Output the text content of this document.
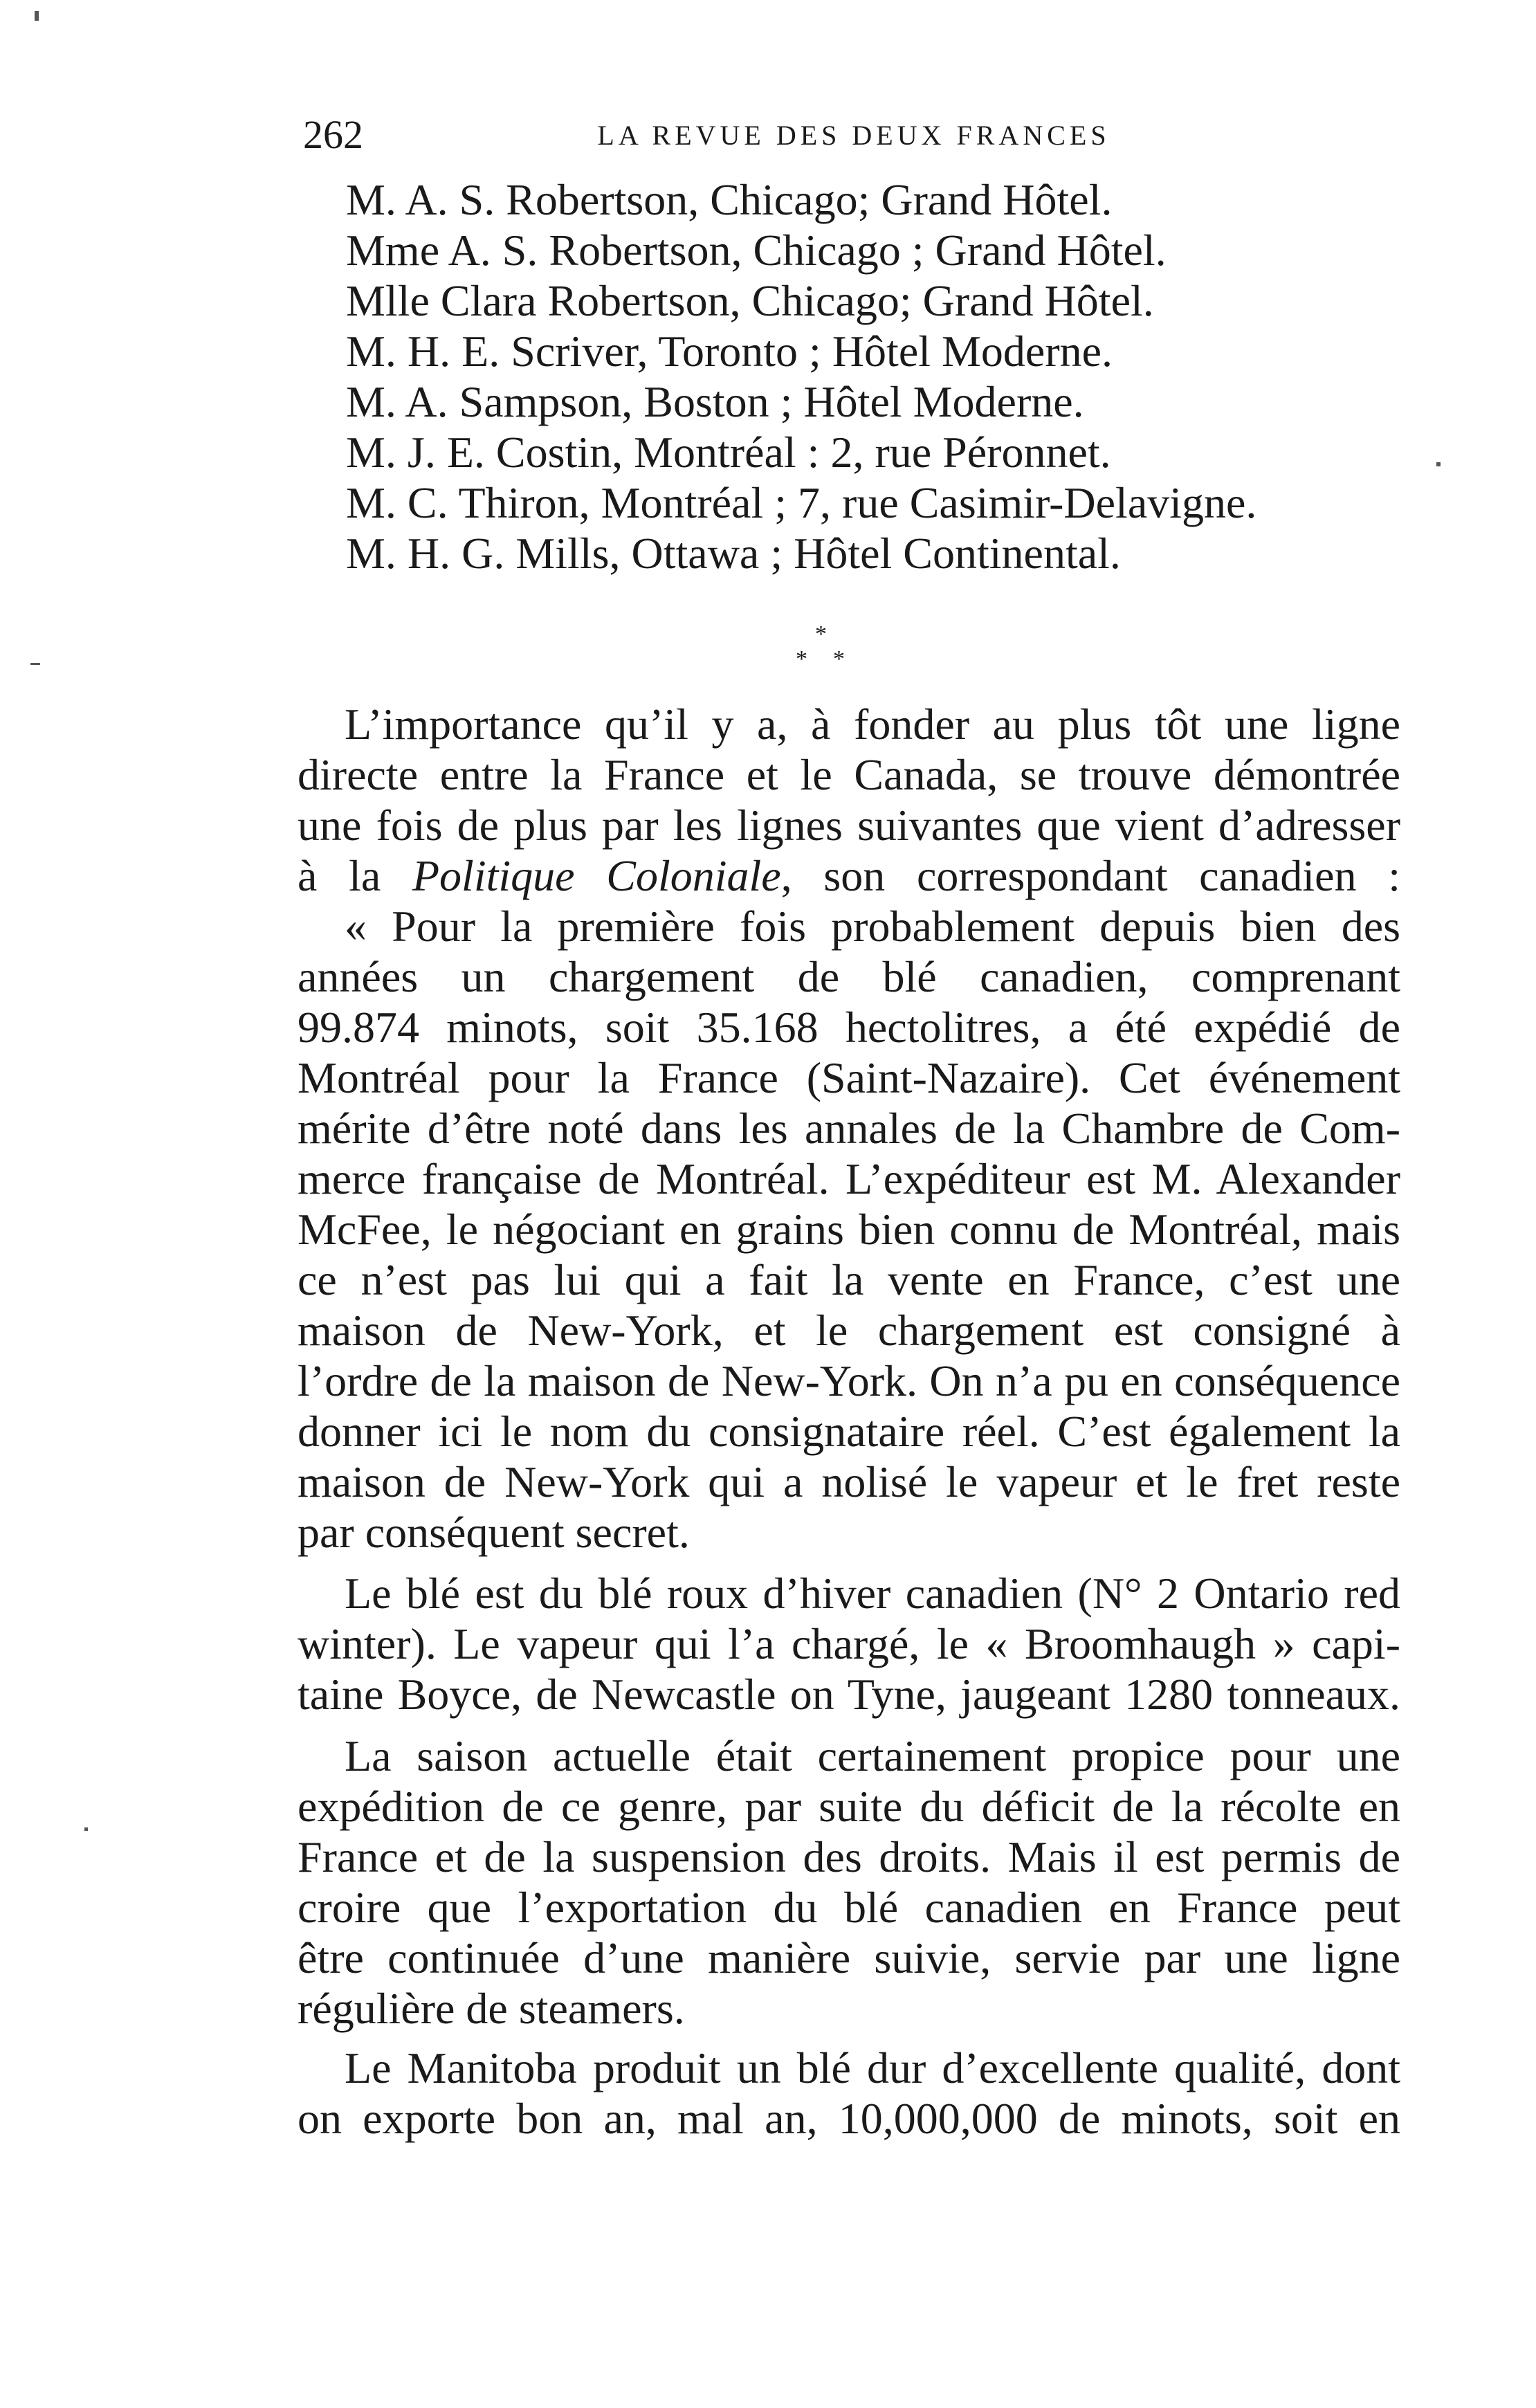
262	LA REVUE DES DEUX FRANCES
M. A. S. Robertson, Chicago; Grand Hôtel.
Mme A. S. Robertson, Chicago ; Grand Hôtel.
Mlle Clara Robertson, Chicago; Grand Hôtel.
M. H. E. Scriver, Toronto ; Hôtel Moderne.
M. A. Sampson, Boston ; Hôtel Moderne.
M. J. E. Costin, Montréal : 2, rue Péronnet.
M. C. Thiron, Montréal ; 7, rue Casimir-Delavigne.
M. H. G. Mills, Ottawa ; Hôtel Continental.
*
* *
L’importance qu’il y a, à fonder au plus tôt une ligne
directe entre la France et le Canada, se trouve démontrée
une fois de plus par les lignes suivantes que vient d’adresser
à la Politique Coloniale, son correspondant canadien :
« Pour la première fois probablement depuis bien des
années un chargement de blé canadien, comprenant
99.874 minots, soit 35.168 hectolitres, a été expédié de
Montréal pour la France (Saint-Nazaire). Cet événement
mérite d’être noté dans les annales de la Chambre de Com-
merce française de Montréal. L’expéditeur est M. Alexander
McFee, le négociant en grains bien connu de Montréal, mais
ce n’est pas lui qui a fait la vente en France, c’est une
maison de New-York, et le chargement est consigné à
l’ordre de la maison de New-York. On n’a pu en conséquence
donner ici le nom du consignataire réel. C’est également la
maison de New-York qui a nolisé le vapeur et le fret reste
par conséquent secret.
Le blé est du blé roux d’hiver canadien (N° 2 Ontario red
winter). Le vapeur qui l’a chargé, le « Broomhaugh » capi-
taine Boyce, de Newcastle on Tyne, jaugeant 1280 tonneaux.
La saison actuelle était certainement propice pour une
expédition de ce genre, par suite du déficit de la récolte en
France et de la suspension des droits. Mais il est permis de
croire que l’exportation du blé canadien en France peut
être continuée d’une manière suivie, servie par une ligne
régulière de steamers.
Le Manitoba produit un blé dur d’excellente qualité, dont
on exporte bon an, mal an, 10,000,000 de minots, soit en
